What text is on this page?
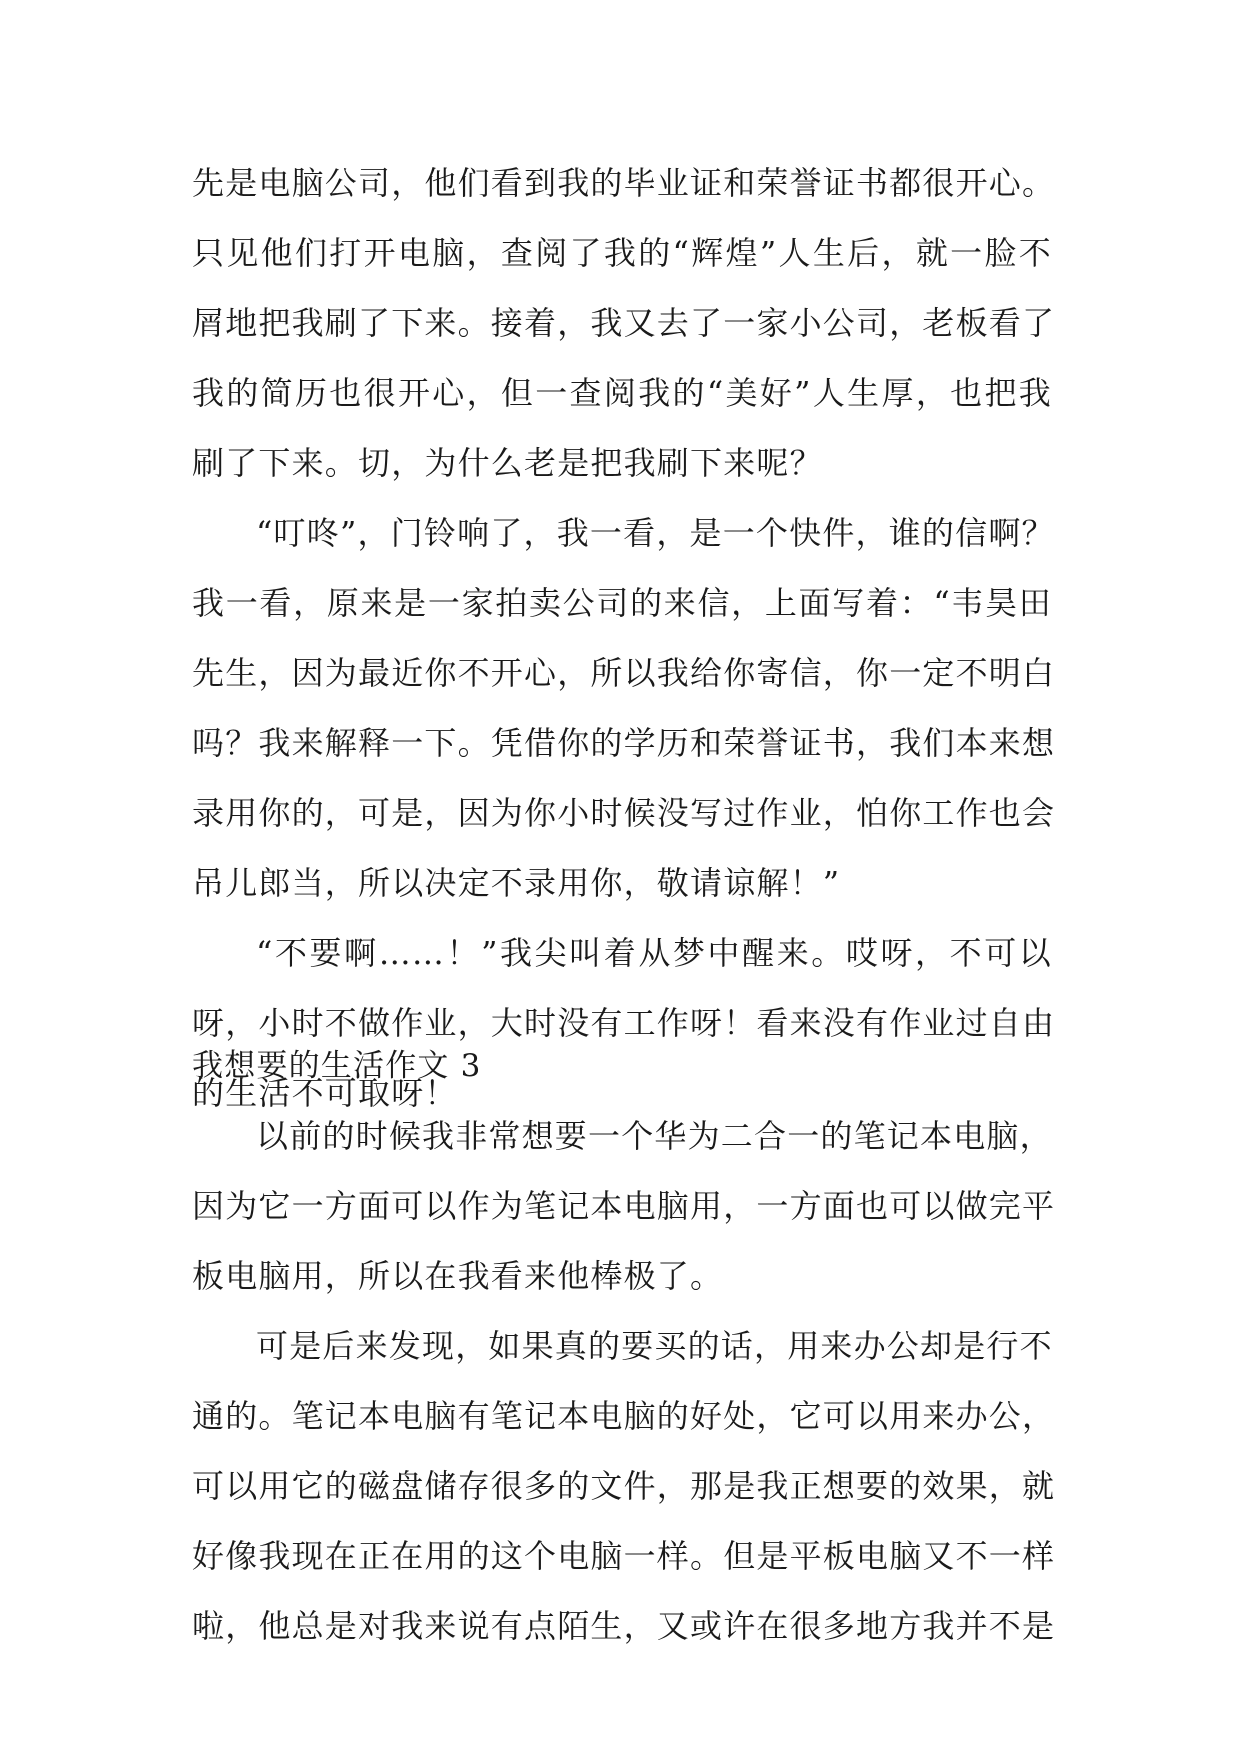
先是电脑公司，他们看到我的毕业证和荣誉证书都很开心。
只见他们打开电脑，查阅了我的“辉煌”人生后，就一脸不
屑地把我刷了下来。接着，我又去了一家小公司，老板看了
我的简历也很开心，但一查阅我的“美好”人生厚，也把我
刷了下来。切，为什么老是把我刷下来呢？
“叮咚”，门铃响了，我一看，是一个快件，谁的信啊？
我一看，原来是一家拍卖公司的来信，上面写着：“韦昊田
先生，因为最近你不开心，所以我给你寄信，你一定不明白
吗？我来解释一下。凭借你的学历和荣誉证书，我们本来想
录用你的，可是，因为你小时候没写过作业，怕你工作也会
吊儿郎当，所以决定不录用你，敬请谅解！”
“不要啊……！”我尖叫着从梦中醒来。哎呀，不可以
呀，小时不做作业，大时没有工作呀！看来没有作业过自由
的生活不可取呀！
我想要的生活作文 3
以前的时候我非常想要一个华为二合一的笔记本电脑，
因为它一方面可以作为笔记本电脑用，一方面也可以做完平
板电脑用，所以在我看来他棒极了。
可是后来发现，如果真的要买的话，用来办公却是行不
通的。笔记本电脑有笔记本电脑的好处，它可以用来办公，
可以用它的磁盘储存很多的文件，那是我正想要的效果，就
好像我现在正在用的这个电脑一样。但是平板电脑又不一样
啦，他总是对我来说有点陌生，又或许在很多地方我并不是
